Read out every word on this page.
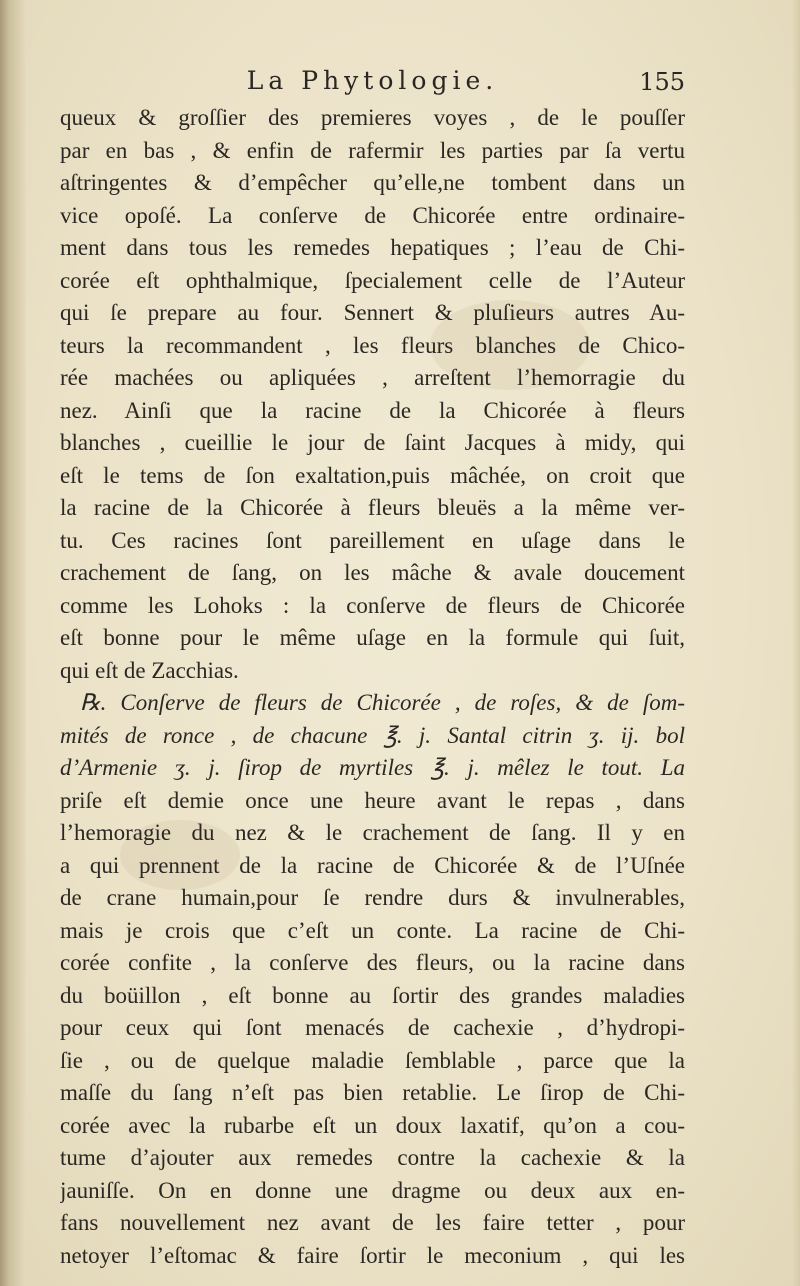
La Phytologie.	155
queux & groſſier des premieres voyes , de le pouſſer
par en bas , & enfin de rafermir les parties par ſa vertu
aſtringentes & d’empêcher qu’elle,ne tombent dans un
vice opoſé. La conſerve de Chicorée entre ordinaire-
ment dans tous les remedes hepatiques ; l’eau de Chi-
corée eſt ophthalmique, ſpecialement celle de l’Auteur
qui ſe prepare au four. Sennert & pluſieurs autres Au-
teurs la recommandent , les fleurs blanches de Chico-
rée machées ou apliquées , arreſtent l’hemorragie du
nez. Ainſi que la racine de la Chicorée à fleurs
blanches , cueillie le jour de ſaint Jacques à midy, qui
eſt le tems de ſon exaltation,puis mâchée, on croit que
la racine de la Chicorée à fleurs bleuës a la même ver-
tu. Ces racines ſont pareillement en uſage dans le
crachement de ſang, on les mâche & avale doucement
comme les Lohoks : la conſerve de fleurs de Chicorée
eſt bonne pour le même uſage en la formule qui ſuit,
qui eſt de Zacchias.
℞. Conſerve de fleurs de Chicorée , de roſes, & de ſom-
mités de ronce , de chacune ℥. j. Santal citrin ʒ. ij. bol
d’Armenie ʒ. j. ſirop de myrtiles ℥. j. mêlez le tout. La
priſe eſt demie once une heure avant le repas , dans
l’hemoragie du nez & le crachement de ſang. Il y en
a qui prennent de la racine de Chicorée & de l’Uſnée
de crane humain,pour ſe rendre durs & invulnerables,
mais je crois que c’eſt un conte. La racine de Chi-
corée confite , la conſerve des fleurs, ou la racine dans
du boüillon , eſt bonne au ſortir des grandes maladies
pour ceux qui ſont menacés de cachexie , d’hydropi-
ſie , ou de quelque maladie ſemblable , parce que la
maſſe du ſang n’eſt pas bien retablie. Le ſirop de Chi-
corée avec la rubarbe eſt un doux laxatif, qu’on a cou-
tume d’ajouter aux remedes contre la cachexie & la
jauniſſe. On en donne une dragme ou deux aux en-
fans nouvellement nez avant de les faire tetter , pour
netoyer l’eſtomac & faire ſortir le meconium , qui les
